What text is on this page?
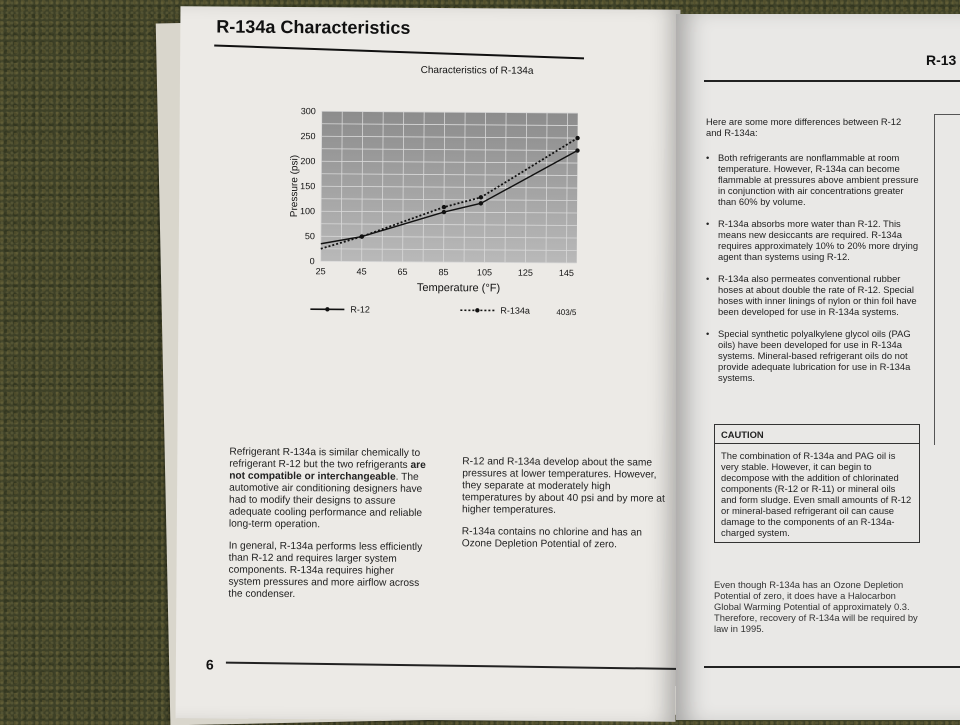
R-134a Characteristics
Characteristics of R-134a
0
50
100
150
200
250
300
25	45	65	85	105	125	145
Temperature (°F)
Pressure (psi)
R-12	R-134a	403/5

Refrigerant R-134a is similar chemically to refrigerant R-12 but the two refrigerants are not compatible or interchangeable. The automotive air conditioning designers have had to modify their designs to assure adequate cooling performance and reliable long-term operation.

In general, R-134a performs less efficiently than R-12 and requires larger system components. R-134a requires higher system pressures and more airflow across the condenser.

R-12 and R-134a develop about the same pressures at lower temperatures. However, they separate at moderately high temperatures by about 40 psi and by more at higher temperatures.

R-134a contains no chlorine and has an Ozone Depletion Potential of zero.

6
R-13
Here are some more differences between R-12 and R-134a:
• Both refrigerants are nonflammable at room temperature. However, R-134a can become flammable at pressures above ambient pressure in conjunction with air concentrations greater than 60% by volume.
• R-134a absorbs more water than R-12. This means new desiccants are required. R-134a requires approximately 10% to 20% more drying agent than systems using R-12.
• R-134a also permeates conventional rubber hoses at about double the rate of R-12. Special hoses with inner linings of nylon or thin foil have been developed for use in R-134a systems.
• Special synthetic polyalkylene glycol oils (PAG oils) have been developed for use in R-134a systems. Mineral-based refrigerant oils do not provide adequate lubrication for use in R-134a systems.
CAUTION
The combination of R-134a and PAG oil is very stable. However, it can begin to decompose with the addition of chlorinated components (R-12 or R-11) or mineral oils and form sludge. Even small amounts of R-12 or mineral-based refrigerant oil can cause damage to the components of an R-134a-charged system.
Even though R-134a has an Ozone Depletion Potential of zero, it does have a Halocarbon Global Warming Potential of approximately 0.3. Therefore, recovery of R-134a will be required by law in 1995.
